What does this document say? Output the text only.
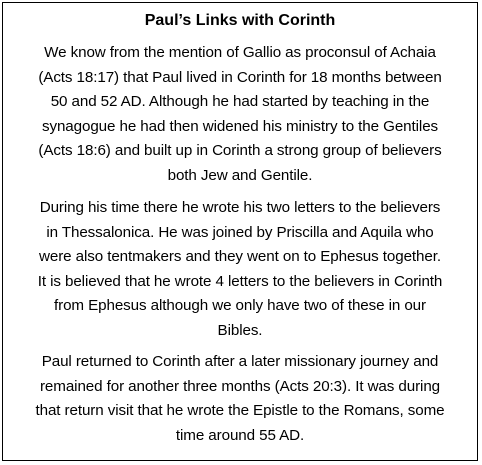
Paul’s Links with Corinth
We know from the mention of Gallio as proconsul of Achaia
(Acts 18:17) that Paul lived in Corinth for 18 months between
50 and 52 AD. Although he had started by teaching in the
synagogue he had then widened his ministry to the Gentiles
(Acts 18:6) and built up in Corinth a strong group of believers
both Jew and Gentile.
During his time there he wrote his two letters to the believers
in Thessalonica. He was joined by Priscilla and Aquila who
were also tentmakers and they went on to Ephesus together.
It is believed that he wrote 4 letters to the believers in Corinth
from Ephesus although we only have two of these in our
Bibles.
Paul returned to Corinth after a later missionary journey and
remained for another three months (Acts 20:3). It was during
that return visit that he wrote the Epistle to the Romans, some
time around 55 AD.
